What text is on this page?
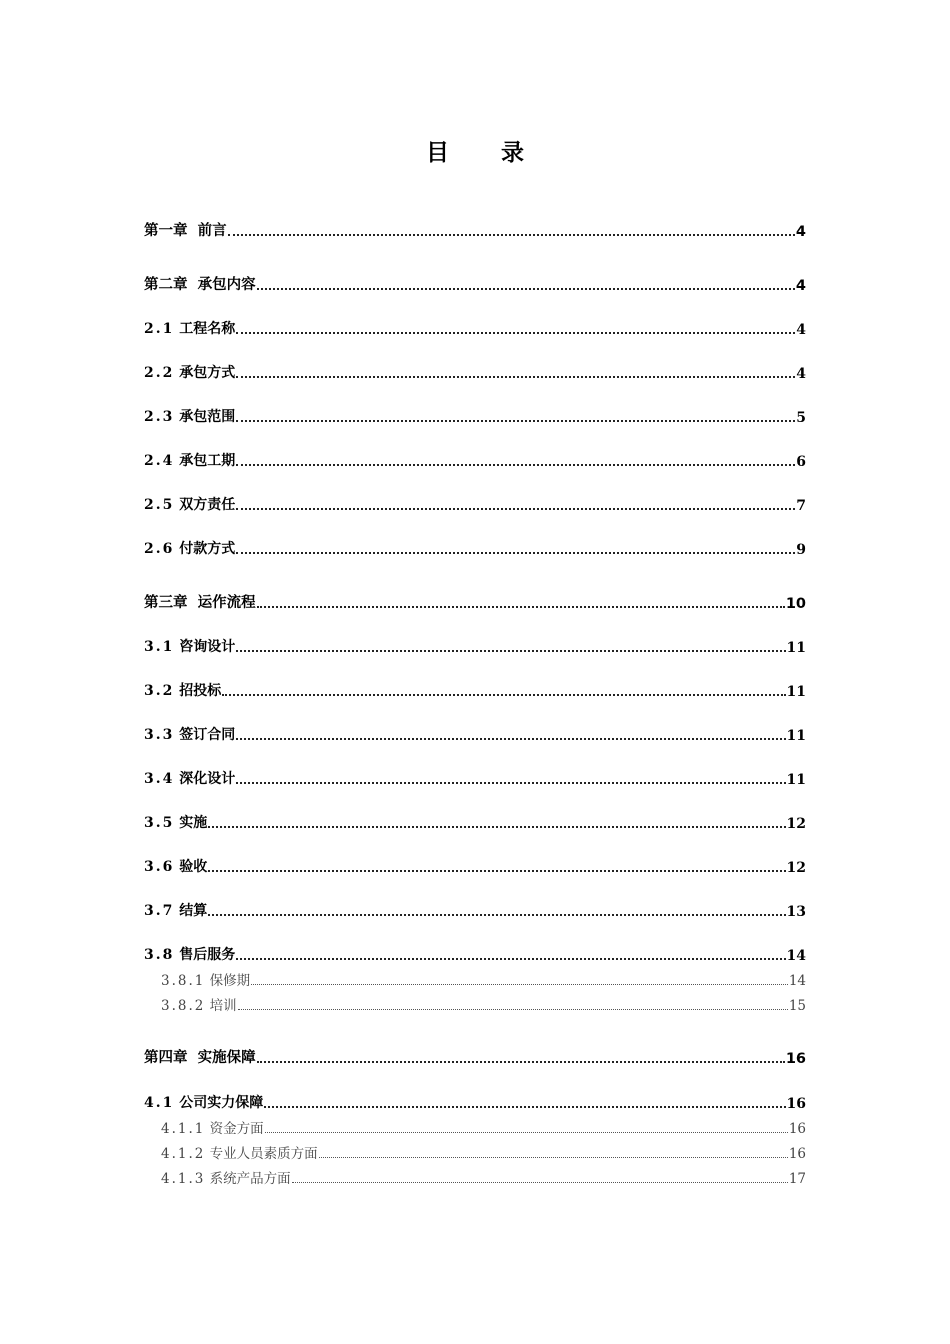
目 录
第一章  前言	4
第二章  承包内容	4
2.1 工程名称	4
2.2 承包方式	4
2.3 承包范围	5
2.4 承包工期	6
2.5 双方责任	7
2.6 付款方式	9
第三章  运作流程	10
3.1 咨询设计	11
3.2 招投标	11
3.3 签订合同	11
3.4 深化设计	11
3.5 实施	12
3.6 验收	12
3.7 结算	13
3.8 售后服务	14
3.8.1 保修期	14
3.8.2 培训	15
第四章  实施保障	16
4.1 公司实力保障	16
4.1.1 资金方面	16
4.1.2 专业人员素质方面	16
4.1.3 系统产品方面	17
